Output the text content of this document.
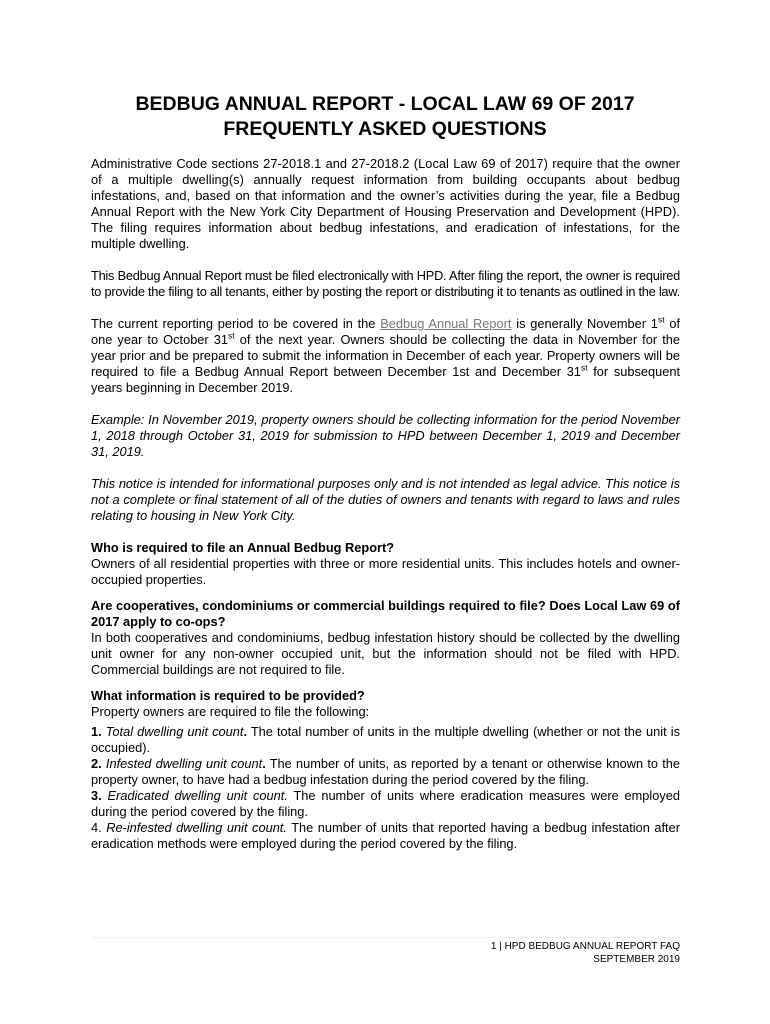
BEDBUG ANNUAL REPORT - LOCAL LAW 69 OF 2017
FREQUENTLY ASKED QUESTIONS

Administrative Code sections 27-2018.1 and 27-2018.2 (Local Law 69 of 2017) require that the owner of a multiple dwelling(s) annually request information from building occupants about bedbug infestations, and, based on that information and the owner’s activities during the year, file a Bedbug Annual Report with the New York City Department of Housing Preservation and Development (HPD). The filing requires information about bedbug infestations, and eradication of infestations, for the multiple dwelling.

This Bedbug Annual Report must be filed electronically with HPD. After filing the report, the owner is required to provide the filing to all tenants, either by posting the report or distributing it to tenants as outlined in the law.

The current reporting period to be covered in the Bedbug Annual Report is generally November 1st of one year to October 31st of the next year. Owners should be collecting the data in November for the year prior and be prepared to submit the information in December of each year. Property owners will be required to file a Bedbug Annual Report between December 1st and December 31st for subsequent years beginning in December 2019.

Example: In November 2019, property owners should be collecting information for the period November 1, 2018 through October 31, 2019 for submission to HPD between December 1, 2019 and December 31, 2019.

This notice is intended for informational purposes only and is not intended as legal advice. This notice is not a complete or final statement of all of the duties of owners and tenants with regard to laws and rules relating to housing in New York City.

Who is required to file an Annual Bedbug Report?

Owners of all residential properties with three or more residential units. This includes hotels and owner-occupied properties.

Are cooperatives, condominiums or commercial buildings required to file? Does Local Law 69 of 2017 apply to co-ops?

In both cooperatives and condominiums, bedbug infestation history should be collected by the dwelling unit owner for any non-owner occupied unit, but the information should not be filed with HPD. Commercial buildings are not required to file.

What information is required to be provided?

Property owners are required to file the following:

1. Total dwelling unit count. The total number of units in the multiple dwelling (whether or not the unit is occupied).

2. Infested dwelling unit count. The number of units, as reported by a tenant or otherwise known to the property owner, to have had a bedbug infestation during the period covered by the filing.

3. Eradicated dwelling unit count. The number of units where eradication measures were employed during the period covered by the filing.

4. Re-infested dwelling unit count. The number of units that reported having a bedbug infestation after eradication methods were employed during the period covered by the filing.

1 | HPD BEDBUG ANNUAL REPORT FAQ
SEPTEMBER 2019
